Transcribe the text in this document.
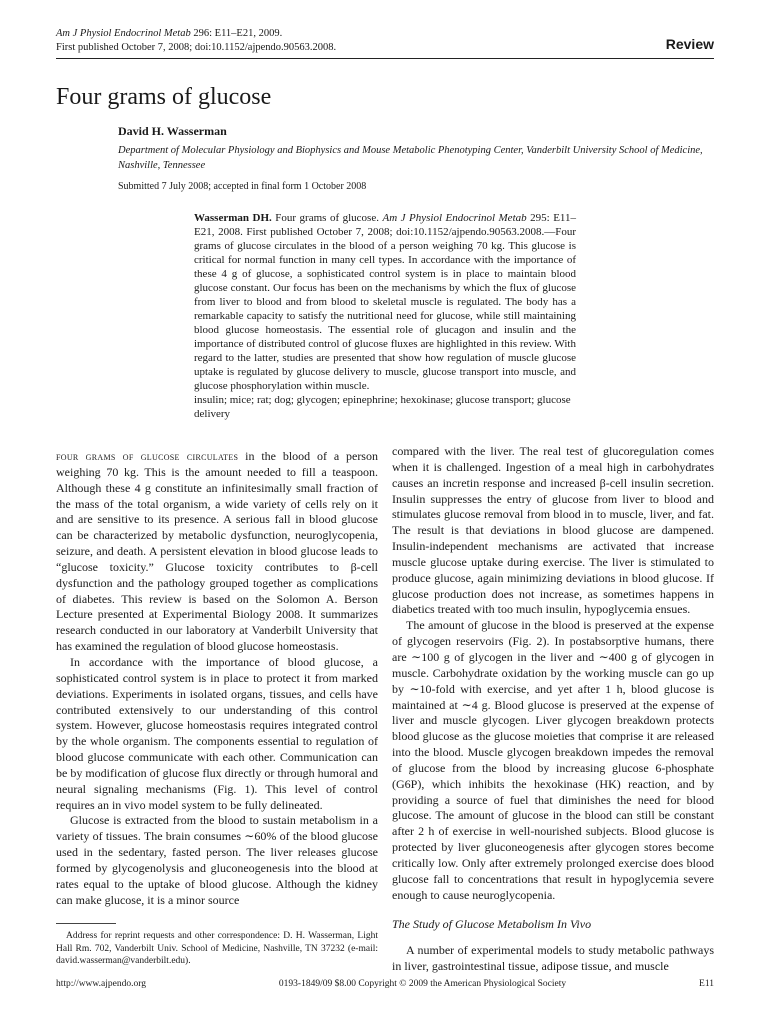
Am J Physiol Endocrinol Metab 296: E11–E21, 2009.
First published October 7, 2008; doi:10.1152/ajpendo.90563.2008.	Review
Four grams of glucose
David H. Wasserman
Department of Molecular Physiology and Biophysics and Mouse Metabolic Phenotyping Center, Vanderbilt University School of Medicine, Nashville, Tennessee
Submitted 7 July 2008; accepted in final form 1 October 2008
Wasserman DH. Four grams of glucose. Am J Physiol Endocrinol Metab 295: E11–E21, 2008. First published October 7, 2008; doi:10.1152/ajpendo.90563.2008.—Four grams of glucose circulates in the blood of a person weighing 70 kg. This glucose is critical for normal function in many cell types. In accordance with the importance of these 4 g of glucose, a sophisticated control system is in place to maintain blood glucose constant. Our focus has been on the mechanisms by which the flux of glucose from liver to blood and from blood to skeletal muscle is regulated. The body has a remarkable capacity to satisfy the nutritional need for glucose, while still maintaining blood glucose homeostasis. The essential role of glucagon and insulin and the importance of distributed control of glucose fluxes are highlighted in this review. With regard to the latter, studies are presented that show how regulation of muscle glucose uptake is regulated by glucose delivery to muscle, glucose transport into muscle, and glucose phosphorylation within muscle.
insulin; mice; rat; dog; glycogen; epinephrine; hexokinase; glucose transport; glucose delivery

four grams of glucose circulates in the blood of a person weighing 70 kg. This is the amount needed to fill a teaspoon. Although these 4 g constitute an infinitesimally small fraction of the mass of the total organism, a wide variety of cells rely on it and are sensitive to its presence. A serious fall in blood glucose can be characterized by metabolic dysfunction, neuroglycopenia, seizure, and death. A persistent elevation in blood glucose leads to “glucose toxicity.” Glucose toxicity contributes to β-cell dysfunction and the pathology grouped together as complications of diabetes. This review is based on the Solomon A. Berson Lecture presented at Experimental Biology 2008. It summarizes research conducted in our laboratory at Vanderbilt University that has examined the regulation of blood glucose homeostasis.

In accordance with the importance of blood glucose, a sophisticated control system is in place to protect it from marked deviations. Experiments in isolated organs, tissues, and cells have contributed extensively to our understanding of this control system. However, glucose homeostasis requires integrated control by the whole organism. The components essential to regulation of blood glucose communicate with each other. Communication can be by modification of glucose flux directly or through humoral and neural signaling mechanisms (Fig. 1). This level of control requires an in vivo model system to be fully delineated.

Glucose is extracted from the blood to sustain metabolism in a variety of tissues. The brain consumes ∼60% of the blood glucose used in the sedentary, fasted person. The liver releases glucose formed by glycogenolysis and gluconeogenesis into the blood at rates equal to the uptake of blood glucose. Although the kidney can make glucose, it is a minor source

compared with the liver. The real test of glucoregulation comes when it is challenged. Ingestion of a meal high in carbohydrates causes an incretin response and increased β-cell insulin secretion. Insulin suppresses the entry of glucose from liver to blood and stimulates glucose removal from blood in to muscle, liver, and fat. The result is that deviations in blood glucose are dampened. Insulin-independent mechanisms are activated that increase muscle glucose uptake during exercise. The liver is stimulated to produce glucose, again minimizing deviations in blood glucose. If glucose production does not increase, as sometimes happens in diabetics treated with too much insulin, hypoglycemia ensues.

The amount of glucose in the blood is preserved at the expense of glycogen reservoirs (Fig. 2). In postabsorptive humans, there are ∼100 g of glycogen in the liver and ∼400 g of glycogen in muscle. Carbohydrate oxidation by the working muscle can go up by ∼10-fold with exercise, and yet after 1 h, blood glucose is maintained at ∼4 g. Blood glucose is preserved at the expense of liver and muscle glycogen. Liver glycogen breakdown protects blood glucose as the glucose moieties that comprise it are released into the blood. Muscle glycogen breakdown impedes the removal of glucose from the blood by increasing glucose 6-phosphate (G6P), which inhibits the hexokinase (HK) reaction, and by providing a source of fuel that diminishes the need for blood glucose. The amount of glucose in the blood can still be constant after 2 h of exercise in well-nourished subjects. Blood glucose is protected by liver gluconeogenesis after glycogen stores become critically low. Only after extremely prolonged exercise does blood glucose fall to concentrations that result in hypoglycemia severe enough to cause neuroglycopenia.

The Study of Glucose Metabolism In Vivo

A number of experimental models to study metabolic pathways in liver, gastrointestinal tissue, adipose tissue, and muscle

Address for reprint requests and other correspondence: D. H. Wasserman, Light Hall Rm. 702, Vanderbilt Univ. School of Medicine, Nashville, TN 37232 (e-mail: david.wasserman@vanderbilt.edu).
http://www.ajpendo.org	0193-1849/09 $8.00 Copyright © 2009 the American Physiological Society	E11
